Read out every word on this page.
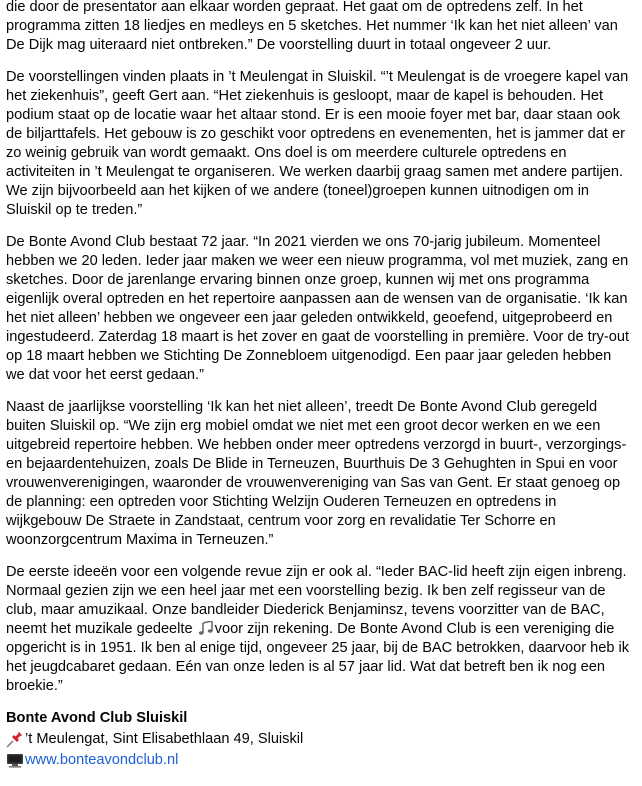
die door de presentator aan elkaar worden gepraat. Het gaat om de optredens zelf. In het programma zitten 18 liedjes en medleys en 5 sketches. Het nummer ‘Ik kan het niet alleen’ van De Dijk mag uiteraard niet ontbreken.” De voorstelling duurt in totaal ongeveer 2 uur.

De voorstellingen vinden plaats in ’t Meulengat in Sluiskil. “’t Meulengat is de vroegere kapel van het ziekenhuis”, geeft Gert aan. “Het ziekenhuis is gesloopt, maar de kapel is behouden. Het podium staat op de locatie waar het altaar stond. Er is een mooie foyer met bar, daar staan ook de biljarttafels. Het gebouw is zo geschikt voor optredens en evenementen, het is jammer dat er zo weinig gebruik van wordt gemaakt. Ons doel is om meerdere culturele optredens en activiteiten in ’t Meulengat te organiseren. We werken daarbij graag samen met andere partijen. We zijn bijvoorbeeld aan het kijken of we andere (toneel)groepen kunnen uitnodigen om in Sluiskil op te treden.”

De Bonte Avond Club bestaat 72 jaar. “In 2021 vierden we ons 70-jarig jubileum. Momenteel hebben we 20 leden. Ieder jaar maken we weer een nieuw programma, vol met muziek, zang en sketches. Door de jarenlange ervaring binnen onze groep, kunnen wij met ons programma eigenlijk overal optreden en het repertoire aanpassen aan de wensen van de organisatie. ‘Ik kan het niet alleen’ hebben we ongeveer een jaar geleden ontwikkeld, geoefend, uitgeprobeerd en ingestudeerd. Zaterdag 18 maart is het zover en gaat de voorstelling in première. Voor de try-out op 18 maart hebben we Stichting De Zonnebloem uitgenodigd. Een paar jaar geleden hebben we dat voor het eerst gedaan.”

Naast de jaarlijkse voorstelling ‘Ik kan het niet alleen’, treedt De Bonte Avond Club geregeld buiten Sluiskil op. “We zijn erg mobiel omdat we niet met een groot decor werken en we een uitgebreid repertoire hebben. We hebben onder meer optredens verzorgd in buurt-, verzorgings- en bejaardentehuizen, zoals De Blide in Terneuzen, Buurthuis De 3 Gehughten in Spui en voor vrouwenverenigingen, waaronder de vrouwenvereniging van Sas van Gent. Er staat genoeg op de planning: een optreden voor Stichting Welzijn Ouderen Terneuzen en optredens in wijkgebouw De Straete in Zandstaat, centrum voor zorg en revalidatie Ter Schorre en woonzorgcentrum Maxima in Terneuzen.”

De eerste ideeën voor een volgende revue zijn er ook al. “Ieder BAC-lid heeft zijn eigen inbreng. Normaal gezien zijn we een heel jaar met een voorstelling bezig. Ik ben zelf regisseur van de club, maar amuzikaal. Onze bandleider Diederick Benjaminsz, tevens voorzitter van de BAC, neemt het muzikale gedeelte voor zijn rekening. De Bonte Avond Club is een vereniging die opgericht is in 1951. Ik ben al enige tijd, ongeveer 25 jaar, bij de BAC betrokken, daarvoor heb ik het jeugdcabaret gedaan. Eén van onze leden is al 57 jaar lid. Wat dat betreft ben ik nog een broekie.”

Bonte Avond Club Sluiskil
’t Meulengat, Sint Elisabethlaan 49, Sluiskil
www.bonteavondclub.nl
